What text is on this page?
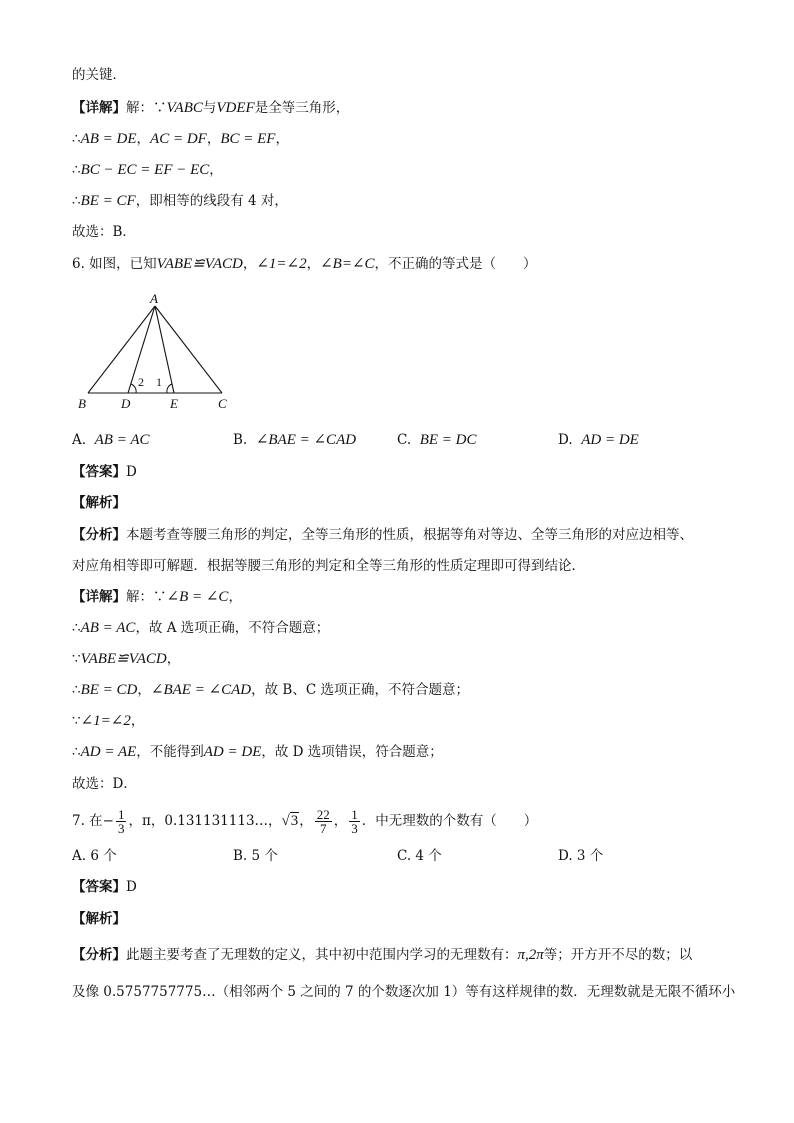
的关键．
【详解】解：∵VABC与VDEF是全等三角形，
∴AB = DE，AC = DF，BC = EF，
∴BC − EC = EF − EC，
∴BE = CF，即相等的线段有 4 对，
故选：B．
6. 如图，已知VABE≌VACD，∠1=∠2，∠B=∠C，不正确的等式是（　　）
A
B	D	E	C
2 1
A. AB = AC	B. ∠BAE = ∠CAD	C. BE = DC	D. AD = DE
【答案】D
【解析】
【分析】本题考查等腰三角形的判定，全等三角形的性质，根据等角对等边、全等三角形的对应边相等、
对应角相等即可解题．根据等腰三角形的判定和全等三角形的性质定理即可得到结论．
【详解】解：∵∠B = ∠C，
∴AB = AC，故 A 选项正确，不符合题意；
∵VABE≌VACD，
∴BE = CD，∠BAE = ∠CAD，故 B、C 选项正确，不符合题意；
∵∠1=∠2，
∴AD = AE，不能得到AD = DE，故 D 选项错误，符合题意；
故选：D．
7. 在− $\frac{1}{3}$ ，π，0.131131113…，√3， $\frac{22}{7}$ ， $\frac{1}{3}$ ．中无理数的个数有（　　）
A. 6 个	B. 5 个	C. 4 个	D. 3 个
【答案】D
【解析】
【分析】此题主要考查了无理数的定义，其中初中范围内学习的无理数有：π,2π等；开方开不尽的数；以
及像 0.5757757775…（相邻两个 5 之间的 7 的个数逐次加 1）等有这样规律的数．无理数就是无限不循环小
